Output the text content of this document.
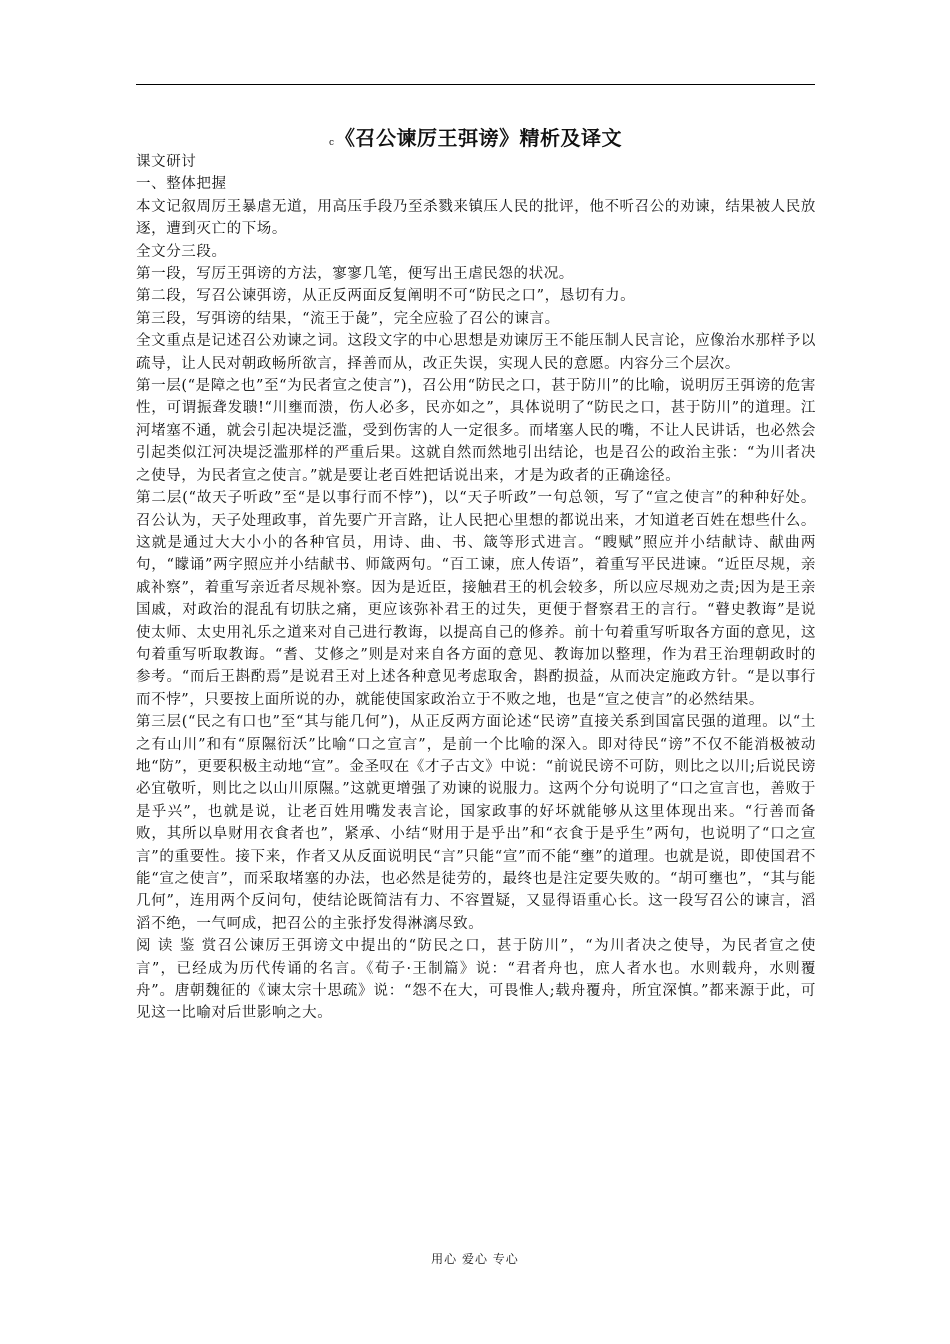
c《召公谏厉王弭谤》精析及译文

课文研讨

一、整体把握

本文记叙周厉王暴虐无道，用高压手段乃至杀戮来镇压人民的批评，他不听召公的劝谏，结果被人民放逐，遭到灭亡的下场。

全文分三段。

第一段，写厉王弭谤的方法，寥寥几笔，便写出王虐民怨的状况。

第二段，写召公谏弭谤，从正反两面反复阐明不可“防民之口”，恳切有力。

第三段，写弭谤的结果，“流王于彘”，完全应验了召公的谏言。

全文重点是记述召公劝谏之词。这段文字的中心思想是劝谏厉王不能压制人民言论，应像治水那样予以疏导，让人民对朝政畅所欲言，择善而从，改正失误，实现人民的意愿。内容分三个层次。

第一层(“是障之也”至“为民者宣之使言”)，召公用“防民之口，甚于防川”的比喻，说明厉王弭谤的危害性，可谓振聋发聩!“川壅而溃，伤人必多，民亦如之”，具体说明了“防民之口，甚于防川”的道理。江河堵塞不通，就会引起决堤泛滥，受到伤害的人一定很多。而堵塞人民的嘴，不让人民讲话，也必然会引起类似江河决堤泛滥那样的严重后果。这就自然而然地引出结论，也是召公的政治主张：“为川者决之使导，为民者宣之使言。”就是要让老百姓把话说出来，才是为政者的正确途径。

第二层(“故天子听政”至“是以事行而不悖”)，以“天子听政”一句总领，写了“宣之使言”的种种好处。召公认为，天子处理政事，首先要广开言路，让人民把心里想的都说出来，才知道老百姓在想些什么。这就是通过大大小小的各种官员，用诗、曲、书、箴等形式进言。“瞍赋”照应并小结献诗、献曲两句，“矇诵”两字照应并小结献书、师箴两句。“百工谏，庶人传语”，着重写平民进谏。“近臣尽规，亲戚补察”，着重写亲近者尽规补察。因为是近臣，接触君王的机会较多，所以应尽规劝之责;因为是王亲国戚，对政治的混乱有切肤之痛，更应该弥补君王的过失，更便于督察君王的言行。“瞽史教诲”是说使太师、太史用礼乐之道来对自己进行教诲，以提高自己的修养。前十句着重写听取各方面的意见，这句着重写听取教诲。“耆、艾修之”则是对来自各方面的意见、教诲加以整理，作为君王治理朝政时的参考。“而后王斟酌焉”是说君王对上述各种意见考虑取舍，斟酌损益，从而决定施政方针。“是以事行而不悖”，只要按上面所说的办，就能使国家政治立于不败之地，也是“宣之使言”的必然结果。

第三层(“民之有口也”至“其与能几何”)，从正反两方面论述“民谤”直接关系到国富民强的道理。以“土之有山川”和有“原隰衍沃”比喻“口之宣言”，是前一个比喻的深入。即对待民“谤”不仅不能消极被动地“防”，更要积极主动地“宣”。金圣叹在《才子古文》中说：“前说民谤不可防，则比之以川;后说民谤必宜敬听，则比之以山川原隰。”这就更增强了劝谏的说服力。这两个分句说明了“口之宣言也，善败于是乎兴”，也就是说，让老百姓用嘴发表言论，国家政事的好坏就能够从这里体现出来。“行善而备败，其所以阜财用衣食者也”，紧承、小结“财用于是乎出”和“衣食于是乎生”两句，也说明了“口之宣言”的重要性。接下来，作者又从反面说明民“言”只能“宣”而不能“壅”的道理。也就是说，即使国君不能“宣之使言”，而采取堵塞的办法，也必然是徒劳的，最终也是注定要失败的。“胡可壅也”，“其与能几何”，连用两个反问句，使结论既简洁有力、不容置疑，又显得语重心长。这一段写召公的谏言，滔滔不绝，一气呵成，把召公的主张抒发得淋漓尽致。

阅 读 鉴 赏召公谏厉王弭谤文中提出的“防民之口，甚于防川”，“为川者决之使导，为民者宣之使言”，已经成为历代传诵的名言。《荀子·王制篇》说：“君者舟也，庶人者水也。水则载舟，水则覆舟”。唐朝魏征的《谏太宗十思疏》说：“怨不在大，可畏惟人;载舟覆舟，所宜深慎。”都来源于此，可见这一比喻对后世影响之大。

用心 爱心 专心
